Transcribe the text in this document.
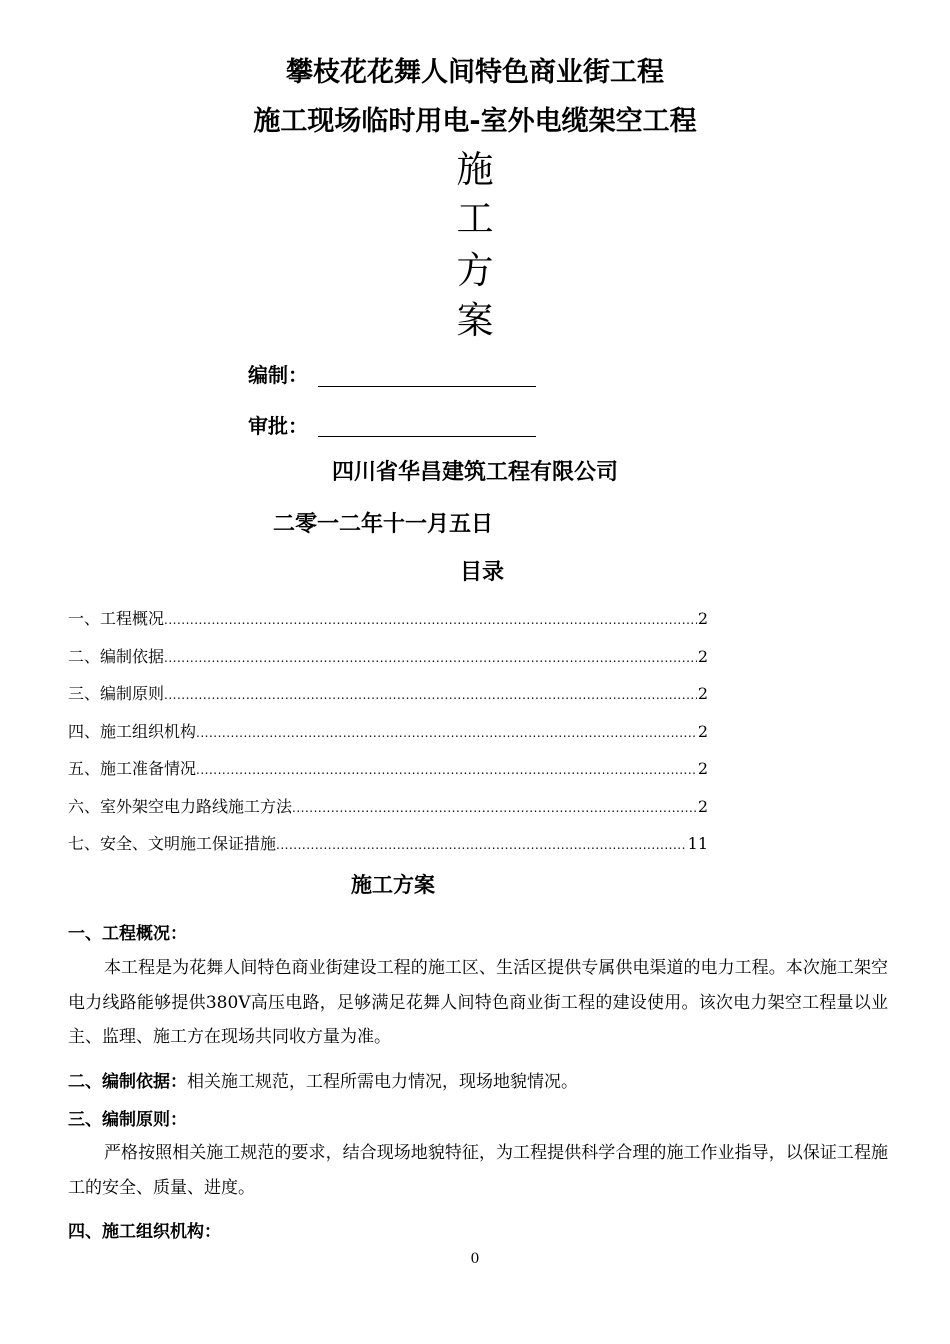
攀枝花花舞人间特色商业街工程
施工现场临时用电-室外电缆架空工程
施
工
方
案
编制：
审批：
四川省华昌建筑工程有限公司
二零一二年十一月五日
目录
一、工程概况 .....	2
二、编制依据 .....	2
三、编制原则 .....	2
四、施工组织机构 .....	2
五、施工准备情况 .....	2
六、室外架空电力路线施工方法 .....	2
七、安全、文明施工保证措施 .....	11
施工方案
一、工程概况：
本工程是为花舞人间特色商业街建设工程的施工区、生活区提供专属供电渠道的电力工程。本次施工架空电力线路能够提供380V高压电路，足够满足花舞人间特色商业街工程的建设使用。该次电力架空工程量以业主、监理、施工方在现场共同收方量为准。
二、编制依据：相关施工规范，工程所需电力情况，现场地貌情况。
三、编制原则：
严格按照相关施工规范的要求，结合现场地貌特征，为工程提供科学合理的施工作业指导，以保证工程施工的安全、质量、进度。
四、施工组织机构：
0
